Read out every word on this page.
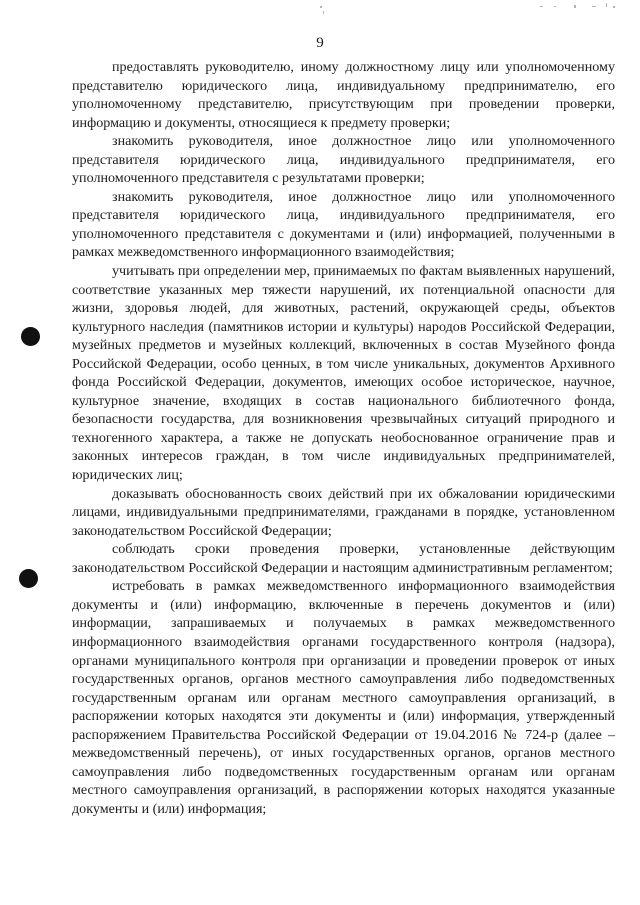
9

предоставлять руководителю, иному должностному лицу или уполномоченному представителю юридического лица, индивидуальному предпринимателю, его уполномоченному представителю, присутствующим при проведении проверки, информацию и документы, относящиеся к предмету проверки;

знакомить руководителя, иное должностное лицо или уполномоченного представителя юридического лица, индивидуального предпринимателя, его уполномоченного представителя с результатами проверки;

знакомить руководителя, иное должностное лицо или уполномоченного представителя юридического лица, индивидуального предпринимателя, его уполномоченного представителя с документами и (или) информацией, полученными в рамках межведомственного информационного взаимодействия;

учитывать при определении мер, принимаемых по фактам выявленных нарушений, соответствие указанных мер тяжести нарушений, их потенциальной опасности для жизни, здоровья людей, для животных, растений, окружающей среды, объектов культурного наследия (памятников истории и культуры) народов Российской Федерации, музейных предметов и музейных коллекций, включенных в состав Музейного фонда Российской Федерации, особо ценных, в том числе уникальных, документов Архивного фонда Российской Федерации, документов, имеющих особое историческое, научное, культурное значение, входящих в состав национального библиотечного фонда, безопасности государства, для возникновения чрезвычайных ситуаций природного и техногенного характера, а также не допускать необоснованное ограничение прав и законных интересов граждан, в том числе индивидуальных предпринимателей, юридических лиц;

доказывать обоснованность своих действий при их обжаловании юридическими лицами, индивидуальными предпринимателями, гражданами в порядке, установленном законодательством Российской Федерации;

соблюдать сроки проведения проверки, установленные действующим законодательством Российской Федерации и настоящим административным регламентом;

истребовать в рамках межведомственного информационного взаимодействия документы и (или) информацию, включенные в перечень документов и (или) информации, запрашиваемых и получаемых в рамках межведомственного информационного взаимодействия органами государственного контроля (надзора), органами муниципального контроля при организации и проведении проверок от иных государственных органов, органов местного самоуправления либо подведомственных государственным органам или органам местного самоуправления организаций, в распоряжении которых находятся эти документы и (или) информация, утвержденный распоряжением Правительства Российской Федерации от 19.04.2016 № 724-р (далее – межведомственный перечень), от иных государственных органов, органов местного самоуправления либо подведомственных государственным органам или органам местного самоуправления организаций, в распоряжении которых находятся указанные документы и (или) информация;
